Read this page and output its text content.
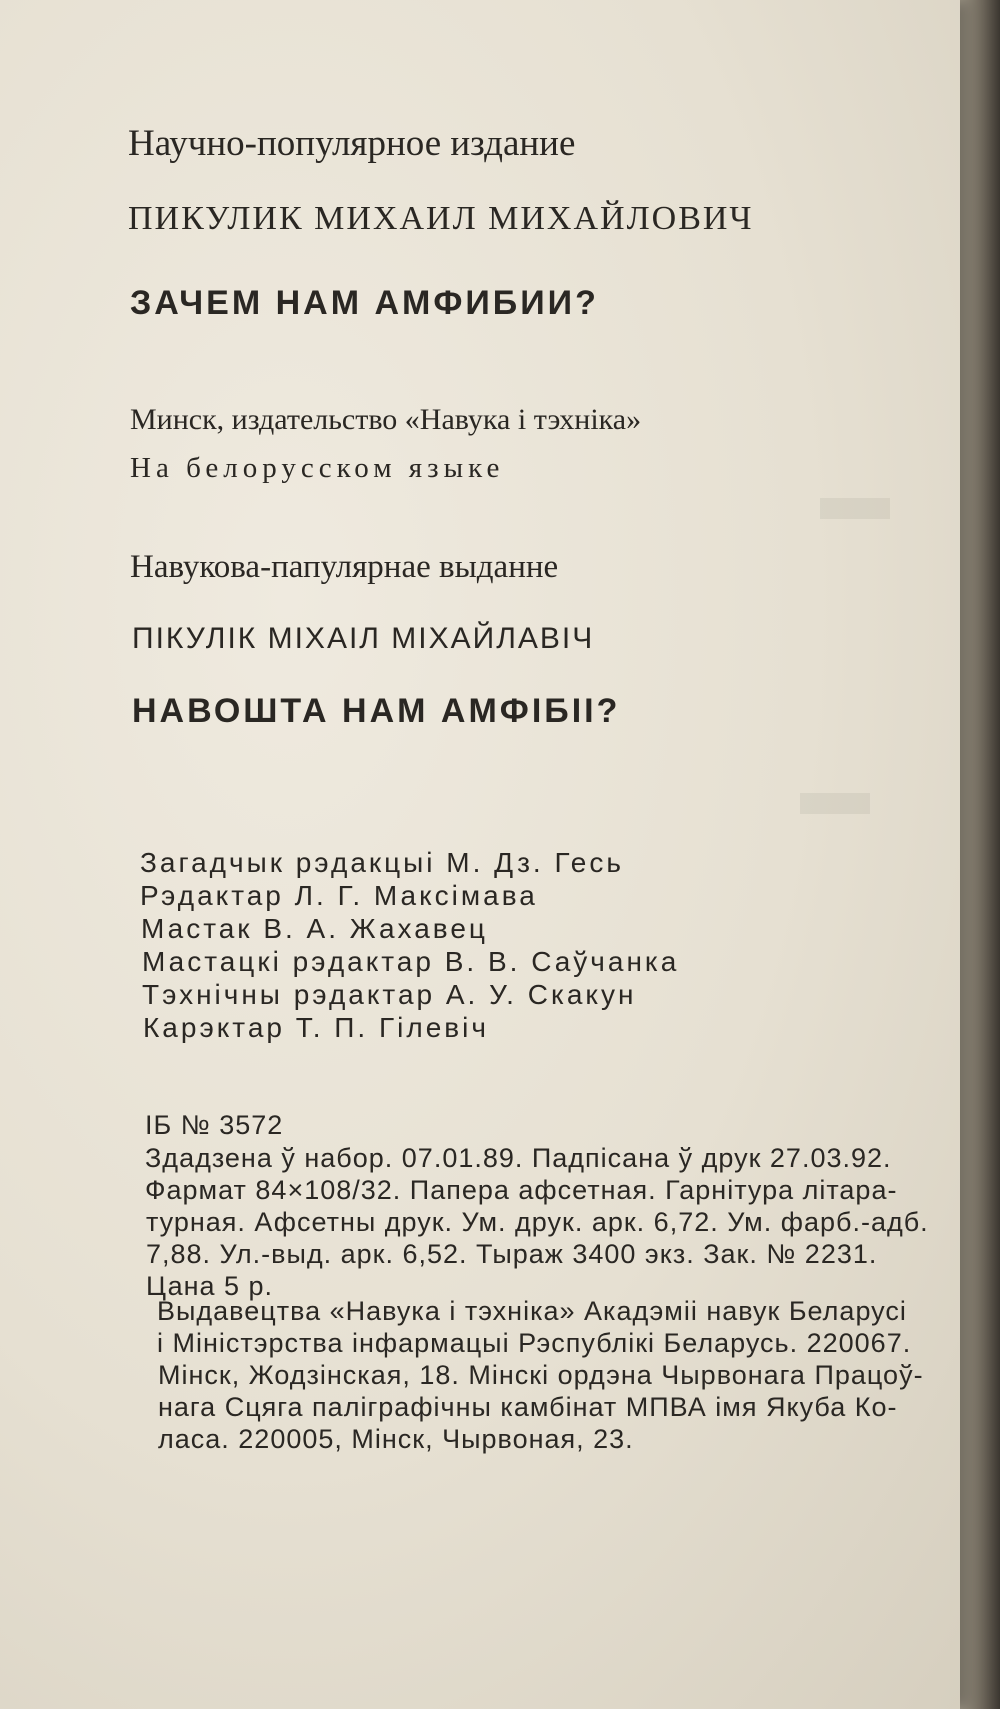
▬
▬

Научно-популярное издание

ПИКУЛИК МИХАИЛ МИХАЙЛОВИЧ

ЗАЧЕМ НАМ АМФИБИИ?

Минск, издательство «Навука і тэхніка»

На белорусском языке

Навукова-папулярнае выданне

ПІКУЛІК МІХАІЛ МІХАЙЛАВІЧ

НАВОШТА НАМ АМФІБІІ?

Загадчык рэдакцыі М. Дз. Гесь

Рэдактар Л. Г. Максімава

Мастак В. А. Жахавец

Мастацкі рэдактар В. В. Саўчанка

Тэхнічны рэдактар А. У. Скакун

Карэктар Т. П. Гілевіч

ІБ № 3572

Здадзена ў набор. 07.01.89. Падпісана ў друк 27.03.92.

Фармат 84×108/32. Папера афсетная. Гарнітура літара-

турная. Афсетны друк. Ум. друк. арк. 6,72. Ум. фарб.-адб.

7,88. Ул.-выд. арк. 6,52. Тыраж 3400 экз. Зак. № 2231.

Цана 5 р.

Выдавецтва «Навука і тэхніка» Акадэміі навук Беларусі

і Міністэрства інфармацыі Рэспублікі Беларусь. 220067.

Мінск, Жодзінская, 18. Мінскі ордэна Чырвонага Працоў-

нага Сцяга паліграфічны камбінат МПВА імя Якуба Ко-

ласа. 220005, Мінск, Чырвоная, 23.
